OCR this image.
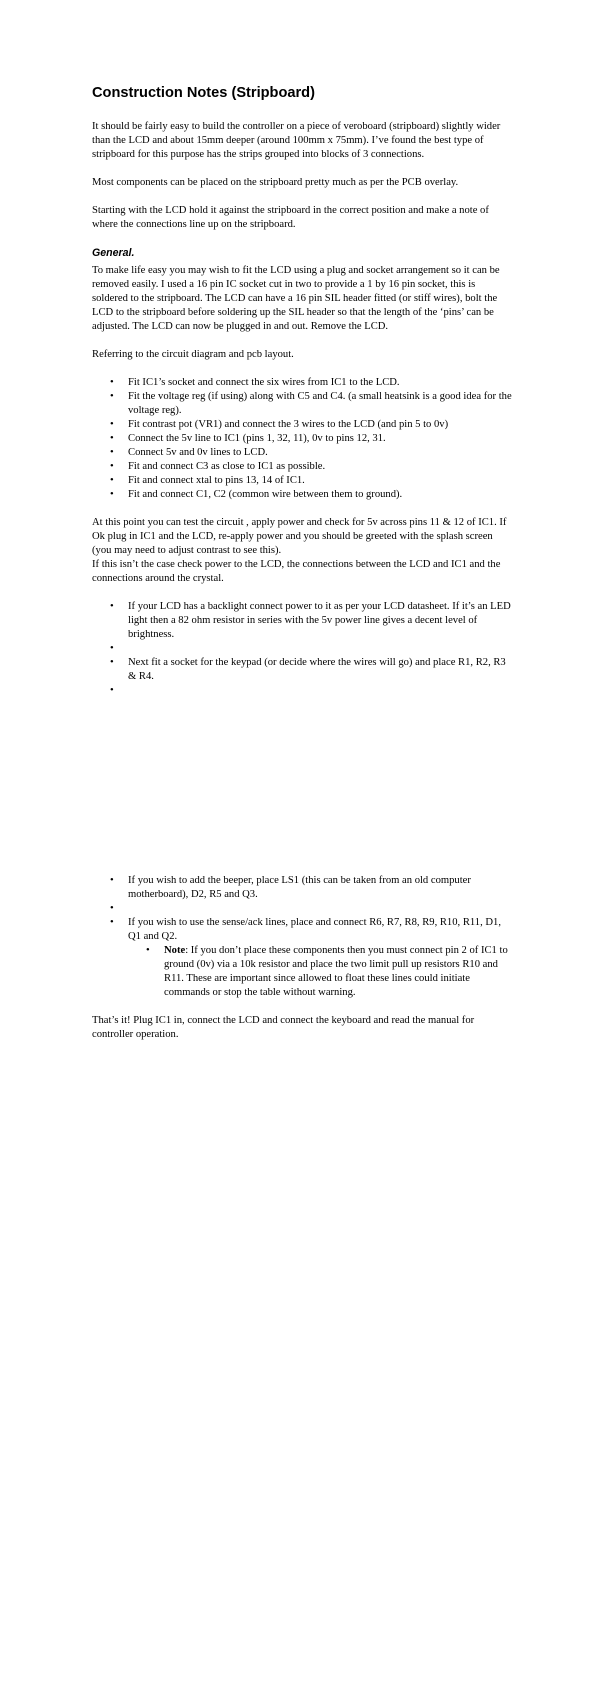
Construction Notes (Stripboard)

It should be fairly easy to build the controller on a piece of veroboard (stripboard) slightly wider than the LCD and about 15mm deeper (around 100mm x 75mm). I’ve found the best type of stripboard for this purpose has the strips grouped into blocks of 3 connections.

Most components can be placed on the stripboard pretty much as per the PCB overlay.

Starting with the LCD hold it against the stripboard in the correct position and make a note of where the connections line up on the stripboard.

General.

To make life easy you may wish to fit the LCD using a plug and socket arrangement so it can be removed easily. I used a 16 pin IC socket cut in two to provide a 1 by 16 pin socket, this is soldered to the stripboard. The LCD can have a 16 pin SIL header fitted (or stiff wires), bolt the LCD to the stripboard before soldering up the SIL header so that the length of the ‘pins’ can be adjusted. The LCD can now be plugged in and out. Remove the LCD.

Referring to the circuit diagram and pcb layout.

• Fit IC1’s socket and connect the six wires from IC1 to the LCD.
• Fit the voltage reg (if using) along with C5 and C4. (a small heatsink is a good idea for the voltage reg).
• Fit contrast pot (VR1) and connect the 3 wires to the LCD (and pin 5 to 0v)
• Connect the 5v line to IC1 (pins 1, 32, 11), 0v to pins 12, 31.
• Connect 5v and 0v lines to LCD.
• Fit and connect C3 as close to IC1 as possible.
• Fit and connect xtal to pins 13, 14 of IC1.
• Fit and connect C1, C2 (common wire between them to ground).

At this point you can test the circuit , apply power and check for 5v across pins 11 & 12 of IC1. If Ok plug in IC1 and the LCD, re-apply power and you should be greeted with the splash screen (you may need to adjust contrast to see this).

If this isn’t the case check power to the LCD, the connections between the LCD and IC1 and the connections around the crystal.

• If your LCD has a backlight connect power to it as per your LCD datasheet. If it’s an LED light then a 82 ohm resistor in series with the 5v power line gives a decent level of brightness.
•
• Next fit a socket for the keypad (or decide where the wires will go) and place R1, R2, R3 & R4.
•
• If you wish to add the beeper, place LS1 (this can be taken from an old computer motherboard), D2, R5 and Q3.
•
• If you wish to use the sense/ack lines, place and connect R6, R7, R8, R9, R10, R11, D1, Q1 and Q2.
• Note: If you don’t place these components then you must connect pin 2 of IC1 to ground (0v) via a 10k resistor and place the two limit pull up resistors R10 and R11. These are important since allowed to float these lines could initiate commands or stop the table without warning.

That’s it! Plug IC1 in, connect the LCD and connect the keyboard and read the manual for controller operation.
